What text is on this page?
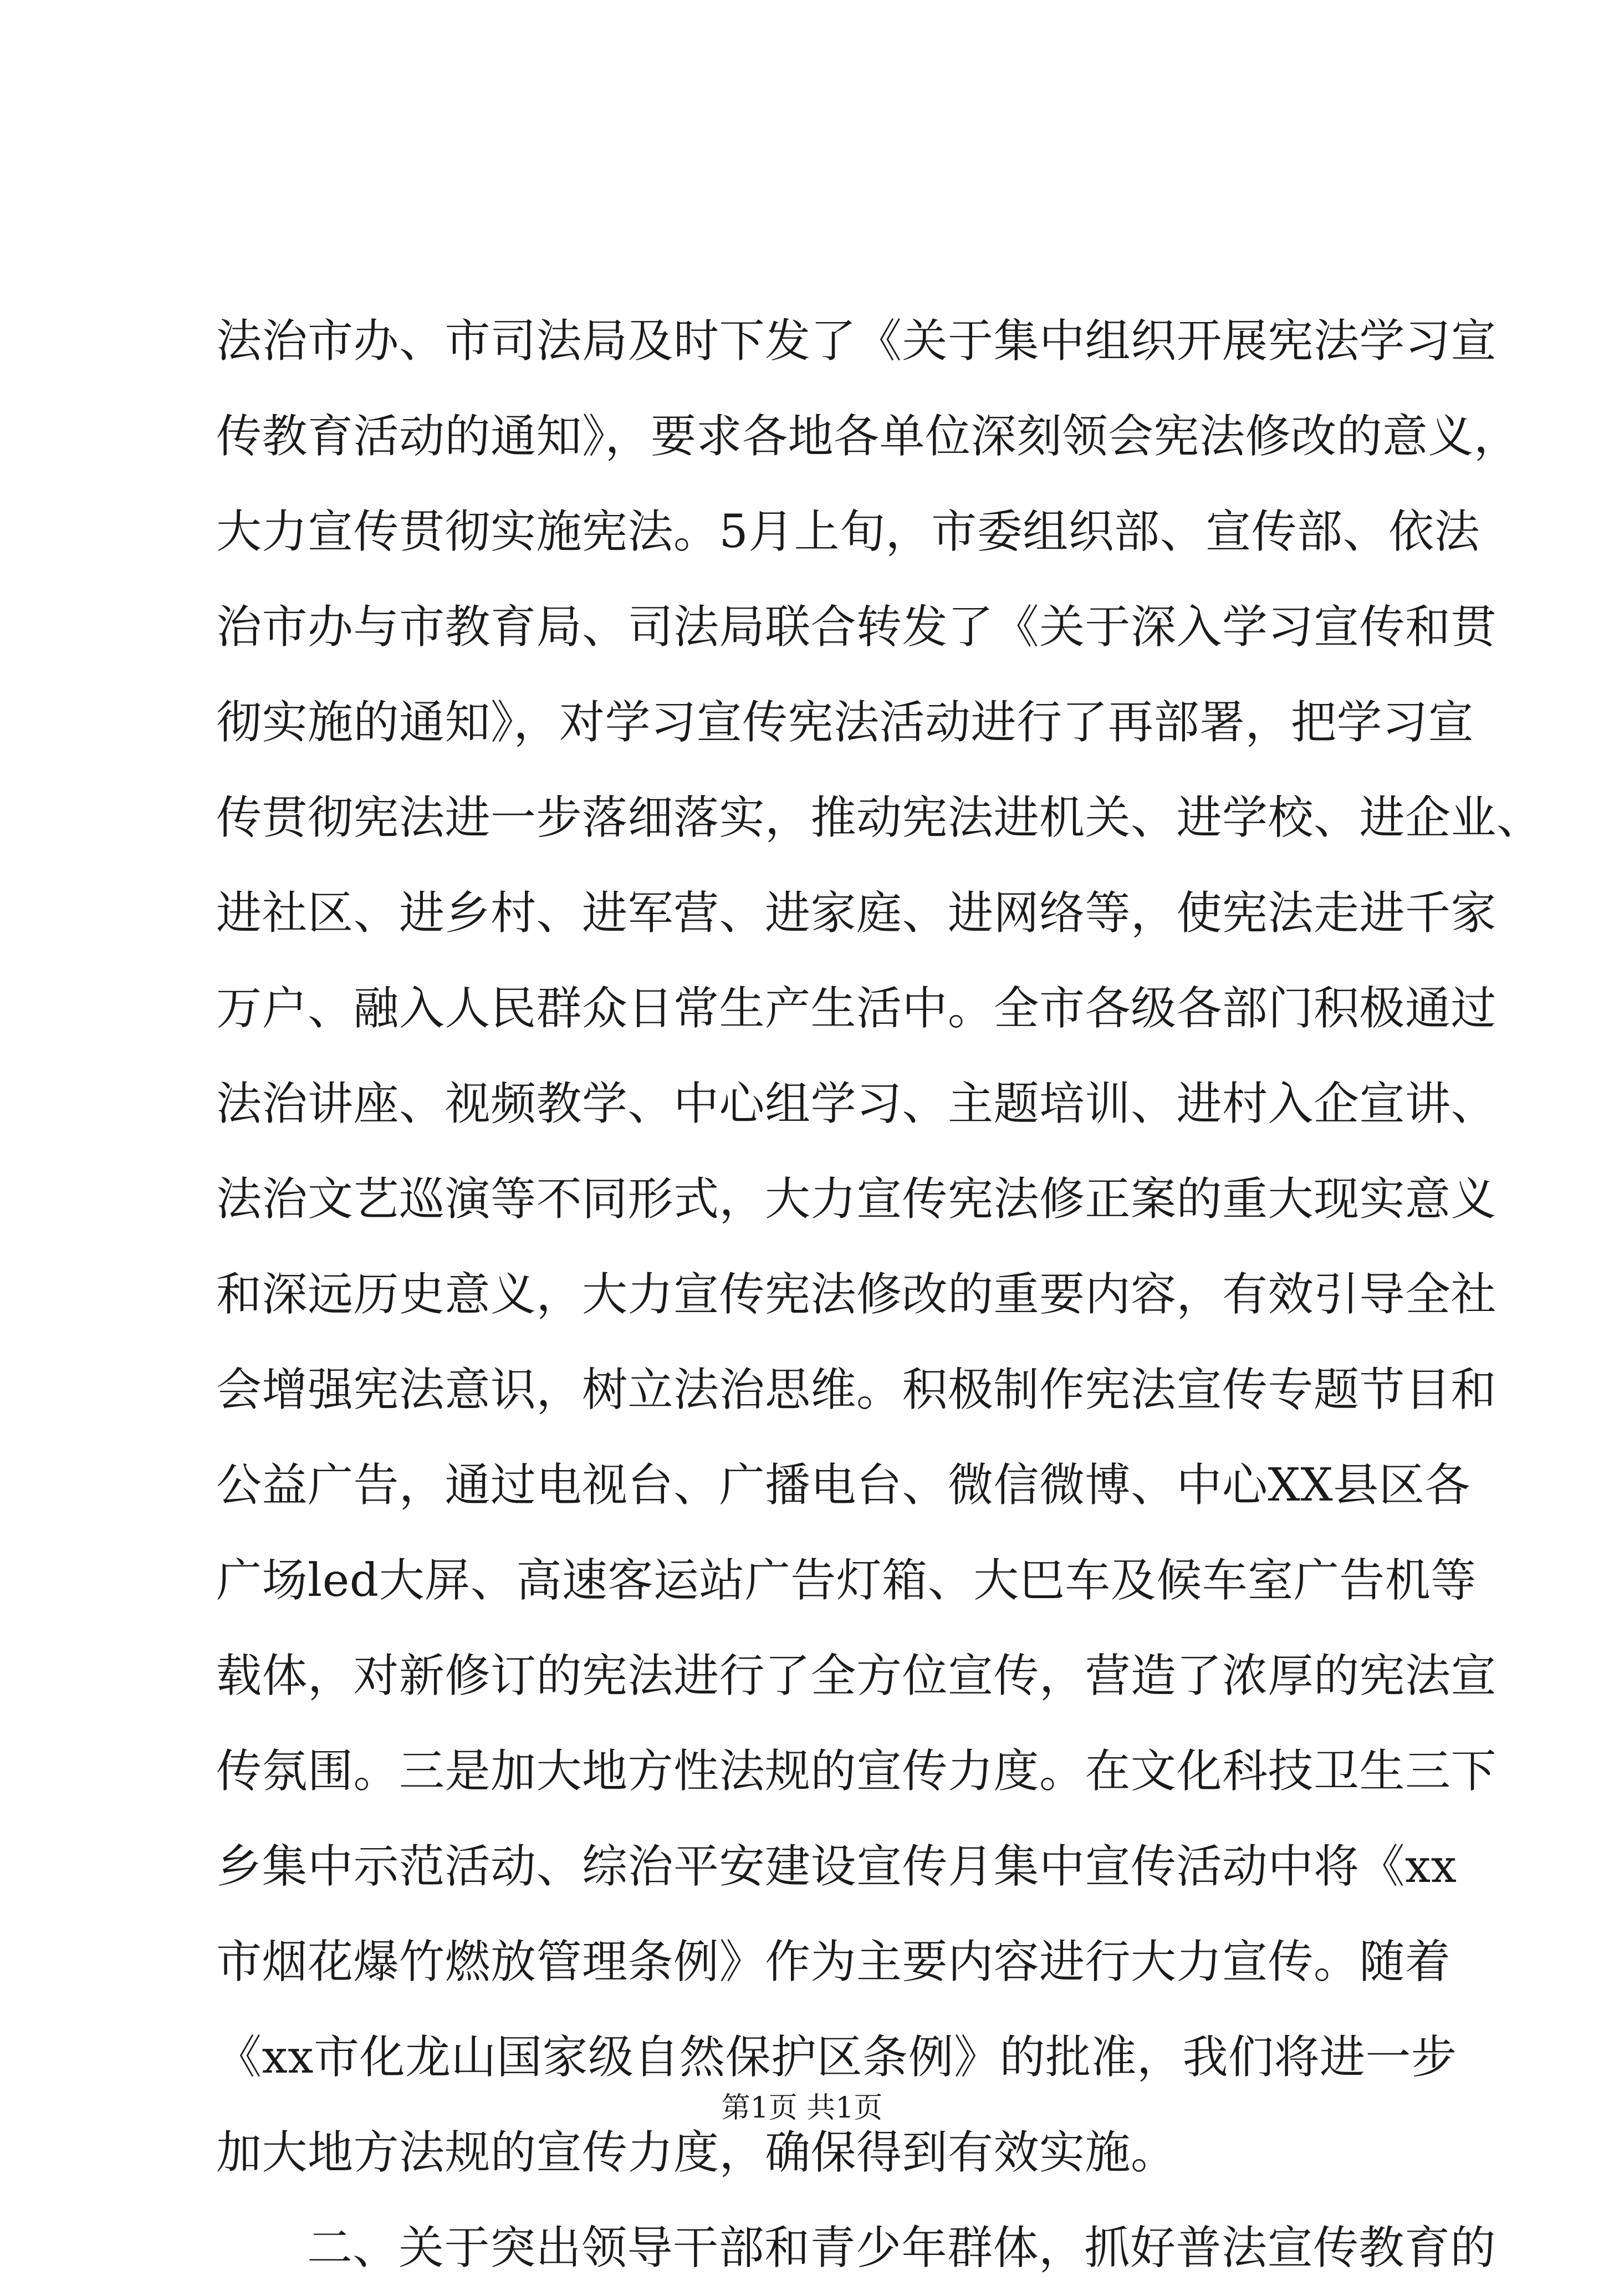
法治市办、市司法局及时下发了《关于集中组织开展宪法学习宣
传教育活动的通知》，要求各地各单位深刻领会宪法修改的意义，
大力宣传贯彻实施宪法。5月上旬，市委组织部、宣传部、依法
治市办与市教育局、司法局联合转发了《关于深入学习宣传和贯
彻实施的通知》，对学习宣传宪法活动进行了再部署，把学习宣
传贯彻宪法进一步落细落实，推动宪法进机关、进学校、进企业、
进社区、进乡村、进军营、进家庭、进网络等，使宪法走进千家
万户、融入人民群众日常生产生活中。全市各级各部门积极通过
法治讲座、视频教学、中心组学习、主题培训、进村入企宣讲、
法治文艺巡演等不同形式，大力宣传宪法修正案的重大现实意义
和深远历史意义，大力宣传宪法修改的重要内容，有效引导全社
会增强宪法意识，树立法治思维。积极制作宪法宣传专题节目和
公益广告，通过电视台、广播电台、微信微博、中心XX县区各
广场led大屏、高速客运站广告灯箱、大巴车及候车室广告机等
载体，对新修订的宪法进行了全方位宣传，营造了浓厚的宪法宣
传氛围。三是加大地方性法规的宣传力度。在文化科技卫生三下
乡集中示范活动、综治平安建设宣传月集中宣传活动中将《xx
市烟花爆竹燃放管理条例》作为主要内容进行大力宣传。随着
《xx市化龙山国家级自然保护区条例》的批准，我们将进一步
加大地方法规的宣传力度，确保得到有效实施。
二、关于突出领导干部和青少年群体，抓好普法宣传教育的
第1页 共1页
